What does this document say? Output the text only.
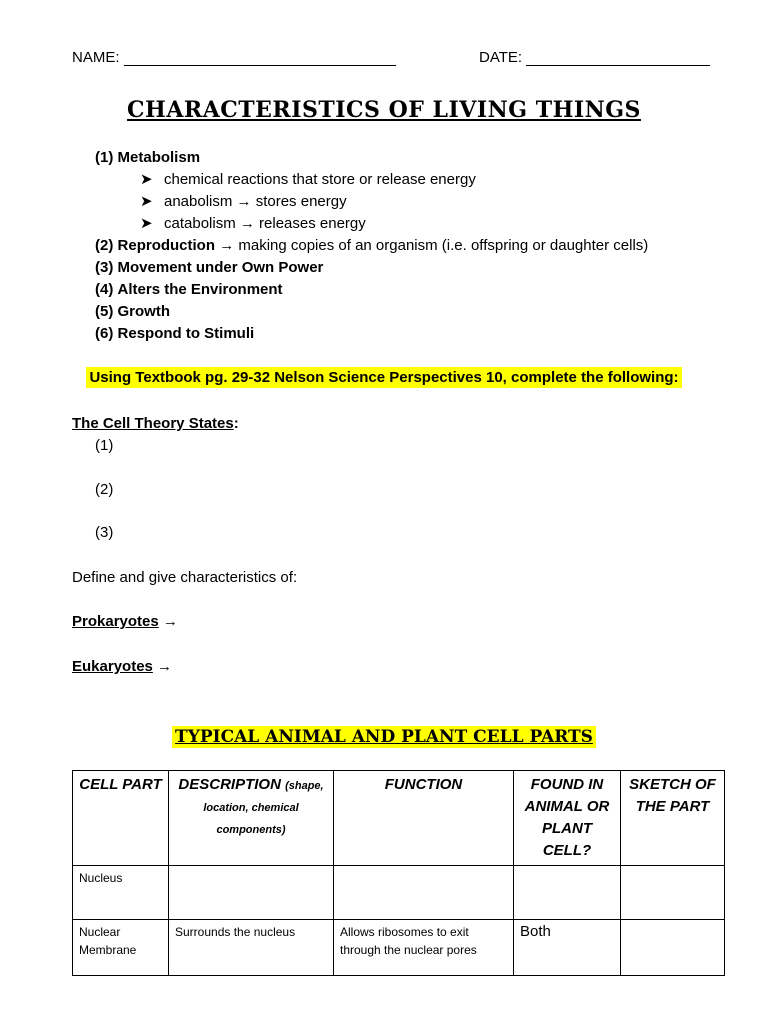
NAME:	DATE:
CHARACTERISTICS OF LIVING THINGS
(1) Metabolism
➤ chemical reactions that store or release energy
➤ anabolism → stores energy
➤ catabolism → releases energy
(2) Reproduction → making copies of an organism (i.e. offspring or daughter cells)
(3) Movement under Own Power
(4) Alters the Environment
(5) Growth
(6) Respond to Stimuli
Using Textbook pg. 29-32 Nelson Science Perspectives 10, complete the following:
The Cell Theory States:
(1)
(2)
(3)
Define and give characteristics of:
Prokaryotes →
Eukaryotes →
TYPICAL ANIMAL AND PLANT CELL PARTS
CELL PART	DESCRIPTION (shape, location, chemical components)	FUNCTION	FOUND IN ANIMAL OR PLANT CELL?	SKETCH OF THE PART
Nucleus				
Nuclear Membrane	Surrounds the nucleus	Allows ribosomes to exit through the nuclear pores	Both	
